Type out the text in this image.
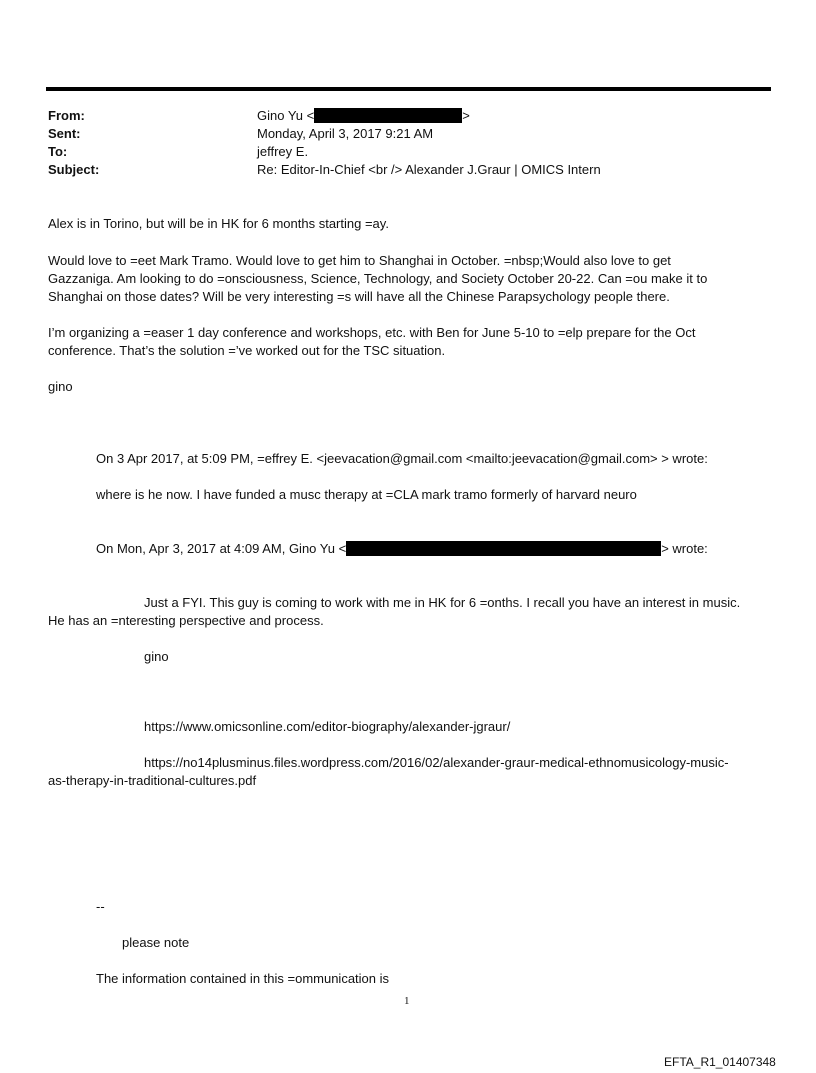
From:	Gino Yu <	>
Sent:	Monday, April 3, 2017 9:21 AM
To:	jeffrey E.
Subject:	Re: Editor-In-Chief <br /> Alexander J.Graur | OMICS Intern
Alex is in Torino, but will be in HK for 6 months starting =ay.
Would love to =eet Mark Tramo. Would love to get him to Shanghai in October. =nbsp;Would also love to get
Gazzaniga. Am looking to do =onsciousness, Science, Technology, and Society October 20-22. Can =ou make it to
Shanghai on those dates? Will be very interesting =s will have all the Chinese Parapsychology people there.
I’m organizing a =easer 1 day conference and workshops, etc. with Ben for June 5-10 to =elp prepare for the Oct
conference. That’s the solution =’ve worked out for the TSC situation.
gino
On 3 Apr 2017, at 5:09 PM, =effrey E. <jeevacation@gmail.com <mailto:jeevacation@gmail.com> > wrote:
where is he now. I have funded a musc therapy at =CLA mark tramo formerly of harvard neuro
On Mon, Apr 3, 2017 at 4:09 AM, Gino Yu <	> wrote:
Just a FYI. This guy is coming to work with me in HK for 6 =onths. I recall you have an interest in music.
He has an =nteresting perspective and process.
gino
https://www.omicsonline.com/editor-biography/alexander-jgraur/
https://no14plusminus.files.wordpress.com/2016/02/alexander-graur-medical-ethnomusicology-music-
as-therapy-in-traditional-cultures.pdf
--
please note
The information contained in this =ommunication is
1
EFTA_R1_01407348
